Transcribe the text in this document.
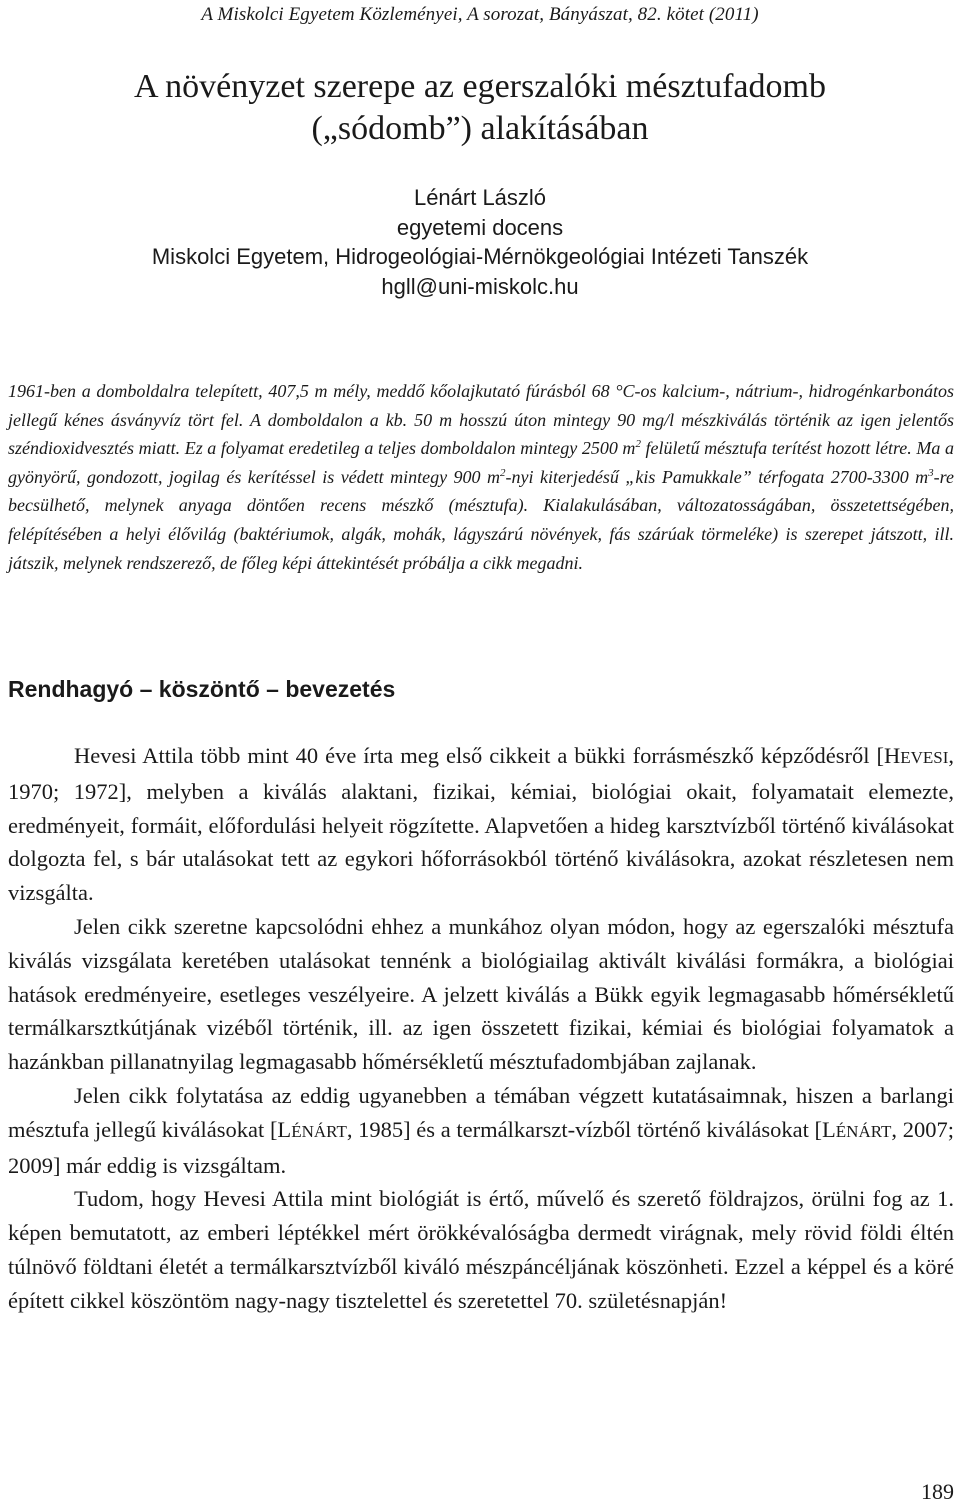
A Miskolci Egyetem Közleményei, A sorozat, Bányászat, 82. kötet (2011)
A növényzet szerepe az egerszalóki mésztufadomb
(„sódomb”) alakításában
Lénárt László
egyetemi docens
Miskolci Egyetem, Hidrogeológiai-Mérnökgeológiai Intézeti Tanszék
hgll@uni-miskolc.hu

1961-ben a domboldalra telepített, 407,5 m mély, meddő kőolajkutató fúrásból 68 °C-os kalcium-, nátrium-, hidrogénkarbonátos jellegű kénes ásványvíz tört fel. A domboldalon a kb. 50 m hosszú úton mintegy 90 mg/l mészkiválás történik az igen jelentős széndioxidvesztés miatt. Ez a folyamat eredetileg a teljes domboldalon mintegy 2500 $m^2$ felületű mésztufa terítést hozott létre. Ma a gyönyörű, gondozott, jogilag és kerítéssel is védett mintegy 900 $m^2$-nyi kiterjedésű „kis Pamukkale” térfogata 2700-3300 $m^3-re$ becsülhető, melynek anyaga döntően recens mészkő (mésztufa). Kialakulásában, változatosságában, összetettségében, felépítésében a helyi élővilág (baktériumok, algák, mohák, lágyszárú növények, fás szárúak törmeléke) is szerepet játszott, ill. játszik, melynek rendszerező, de főleg képi áttekintését próbálja a cikk megadni.

Rendhagyó – köszöntő – bevezetés

Hevesi Attila több mint 40 éve írta meg első cikkeit a bükki forrásmészkő képződésről [HEVESI, 1970; 1972], melyben a kiválás alaktani, fizikai, kémiai, biológiai okait, folyamatait elemezte, eredményeit, formáit, előfordulási helyeit rögzítette. Alapvetően a hideg karsztvízből történő kiválásokat dolgozta fel, s bár utalásokat tett az egykori hőforrásokból történő kiválásokra, azokat részletesen nem vizsgálta.

Jelen cikk szeretne kapcsolódni ehhez a munkához olyan módon, hogy az egerszalóki mésztufa kiválás vizsgálata keretében utalásokat tennénk a biológiailag aktivált kiválási formákra, a biológiai hatások eredményeire, esetleges veszélyeire. A jelzett kiválás a Bükk egyik legmagasabb hőmérsékletű termálkarsztkútjának vizéből történik, ill. az igen összetett fizikai, kémiai és biológiai folyamatok a hazánkban pillanatnyilag legmagasabb hőmérsékletű mésztufadombjában zajlanak.

Jelen cikk folytatása az eddig ugyanebben a témában végzett kutatásaimnak, hiszen a barlangi mésztufa jellegű kiválásokat [LÉNÁRT, 1985] és a termálkarszt-vízből történő kiválásokat [LÉNÁRT, 2007; 2009] már eddig is vizsgáltam.

Tudom, hogy Hevesi Attila mint biológiát is értő, művelő és szerető földrajzos, örülni fog az 1. képen bemutatott, az emberi léptékkel mért örökkévalóságba dermedt virágnak, mely rövid földi éltén túlnövő földtani életét a termálkarsztvízből kiváló mészpáncéljának köszönheti. Ezzel a képpel és a köré épített cikkel köszöntöm nagy-nagy tisztelettel és szeretettel 70. születésnapján!

189
